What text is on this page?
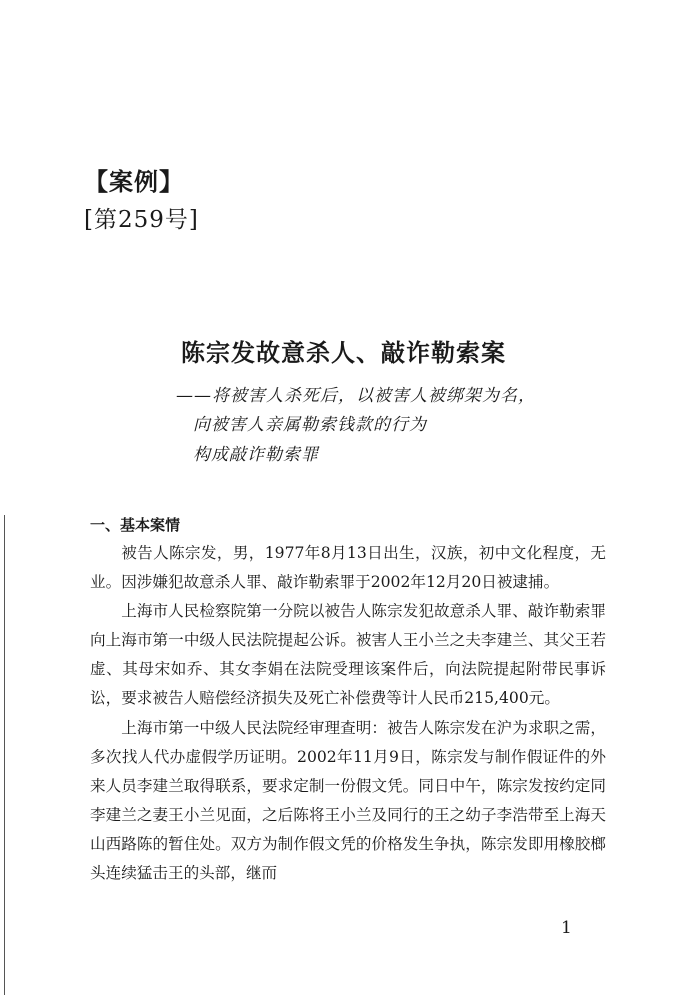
【案例】
[第259号]
陈宗发故意杀人、敲诈勒索案
——将被害人杀死后，以被害人被绑架为名，
向被害人亲属勒索钱款的行为
构成敲诈勒索罪
一、基本案情

被告人陈宗发，男，1977年8月13日出生，汉族，初中文化程度，无业。因涉嫌犯故意杀人罪、敲诈勒索罪于2002年12月20日被逮捕。

上海市人民检察院第一分院以被告人陈宗发犯故意杀人罪、敲诈勒索罪向上海市第一中级人民法院提起公诉。被害人王小兰之夫李建兰、其父王若虚、其母宋如乔、其女李娟在法院受理该案件后，向法院提起附带民事诉讼，要求被告人赔偿经济损失及死亡补偿费等计人民币215,400元。

上海市第一中级人民法院经审理查明：被告人陈宗发在沪为求职之需，多次找人代办虚假学历证明。2002年11月9日，陈宗发与制作假证件的外来人员李建兰取得联系，要求定制一份假文凭。同日中午，陈宗发按约定同李建兰之妻王小兰见面，之后陈将王小兰及同行的王之幼子李浩带至上海天山西路陈的暂住处。双方为制作假文凭的价格发生争执，陈宗发即用橡胶榔头连续猛击王的头部，继而

1
